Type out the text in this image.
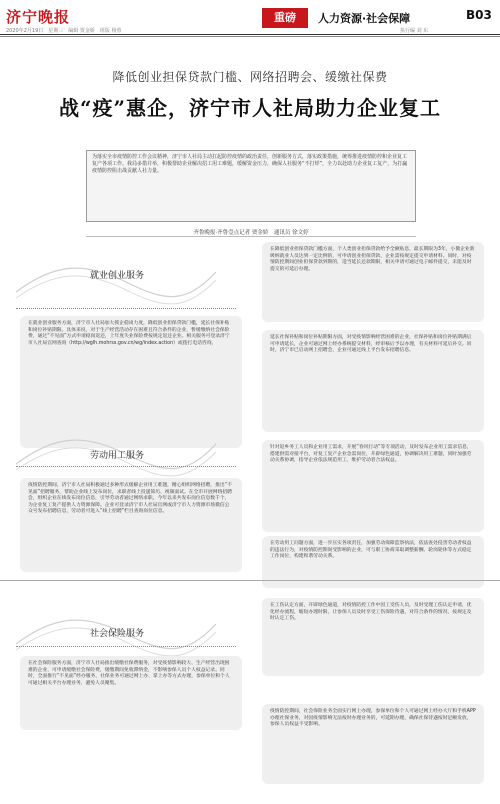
济宁晚报	重磅	人力资源·社会保障	B03
2020年2月19日　星期三　编辑 贾金娇　组版 杨蓉	执行编 刘 东
降低创业担保贷款门槛、网络招聘会、缓缴社保费
战“疫”惠企，济宁市人社局助力企业复工
为落实全市疫情防控工作会议精神，济宁市人社局主动扛起防控疫情的政治责任，创新服务方式，落实政策措施，统筹推进疫情防控和企业复工复产各项工作。我局多措并举，积极帮助企业解决招工用工难题，缓解资金压力，确保人社服务“不打烊”，全力以赴助力企业复工复产，为打赢疫情防控阻击战贡献人社力量。
齐鲁晚报·齐鲁壹点记者 贾金娇　通讯员 徐文婷
就业创业服务
在就业创业服务方面，济宁市人社局加大援企稳岗力度，降低创业担保贷款门槛，延长社保补贴和岗位补贴期限。具体来说，对于生产经营活动存在困难且符合条件的企业，暂缓缴纳社会保险费，通过“不见面”方式申请稳岗返还，上年度失业保险费按规定返还企业。相关服务可登录济宁市人社局官网查询（http://wglh.mohrss.gov.cn/wg/index.action）或拨打电话咨询。
在降低创业担保贷款门槛方面，个人类创业担保贷款给予全额贴息，最长期限为3年，小微企业新吸纳就业人员达到一定比例的，可申请创业担保贷款，企业需按规定提交申请材料。同时，对疫情防控期间创业担保贷款到期的，适当延长还款期限，相关申请可通过电子邮件提交，未能及时提交的可延后办理。
延长社保补贴和岗位补贴期限方面，对受疫情影响经营困难的企业，社保补贴和岗位补贴期满后可申请延长，企业可通过网上经办系统提交材料，经审核后予以办理，有关材料可延后补交。同时，济宁市已启动网上招聘会，企业可通过线上平台发布招聘信息。
劳动用工服务
疫情防控期间，济宁市人社局积极通过多种形式缓解企业用工难题，精心组织网络招聘，推出“不见面”招聘服务，帮助企业线上发布岗位，求职者线上投递简历、视频面试。在全市开展网络招聘会，组织企业在线发布岗位信息，引导劳动者通过网络求职，今年以来共发布岗位信息数千个，为企业复工复产提供人力资源保障。企业可登录济宁市人社局官网或济宁市人力资源市场微信公众号发布招聘信息，劳动者可进入“线上招聘”栏目查询岗位信息。
针对返乡务工人员和企业用工需求，开展“春风行动”等专项活动，及时发布企业用工需求信息，搭建供需对接平台，对复工复产企业急需岗位，开辟绿色通道，协调解决用工难题，同时加强劳动关系协调，指导企业依法规范用工，维护劳动者合法权益。
在劳动用工问题方面，进一步压实各项责任，加强劳动保障监察执法，依法查处侵害劳动者权益的违法行为，对疫情防控期间受影响的企业，可与职工协商采取调整薪酬、轮岗轮休等方式稳定工作岗位，构建和谐劳动关系。
社会保险服务
在社会保险服务方面，济宁市人社局推出缓缴社保费服务，对受疫情影响较大、生产经营出现困难的企业，可申请缓缴社会保险费，缓缴期间免收滞纳金，不影响参保人员个人权益记录。同时，全面推行“不见面”经办服务，社保业务可通过网上办、掌上办等方式办理，参保单位和个人可通过相关平台办理业务，避免人员聚集。
在工伤认定方面，开辟绿色通道，对疫情防控工作中因工受伤人员，及时受理工伤认定申请，优化经办流程，缩短办理时限，让参保人员及时享受工伤保险待遇，对符合条件的情况，按规定及时认定工伤。
疫情防控期间，社会保险业务全面实行网上办理，参保单位和个人可通过网上经办大厅和手机APP办理社保业务，对因疫情影响无法按时办理业务的，可延期办理，确保社保待遇按时足额发放，参保人员权益不受影响。
